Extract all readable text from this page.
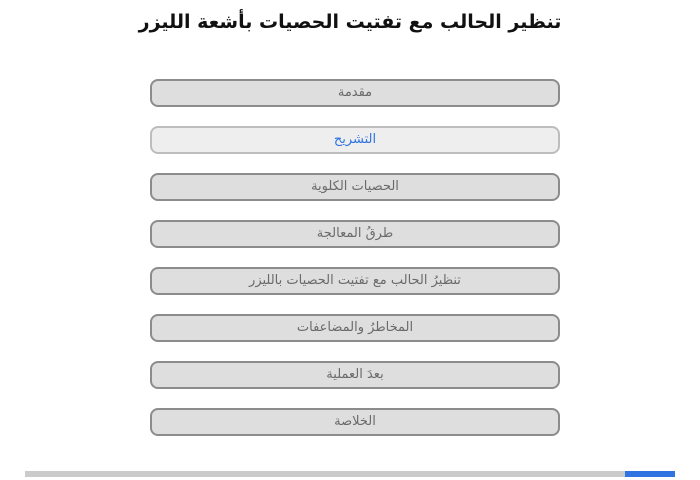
تنظير الحالب مع تفتيت الحصيات بأشعة الليزر
مقدمة
التشريح
الحصيات الكلوية
طرقُ المعالجة
تنظيرُ الحالب مع تفتيت الحصيات بالليزر
المخاطرُ والمضاعفات
بعدَ العملية
الخلاصة
